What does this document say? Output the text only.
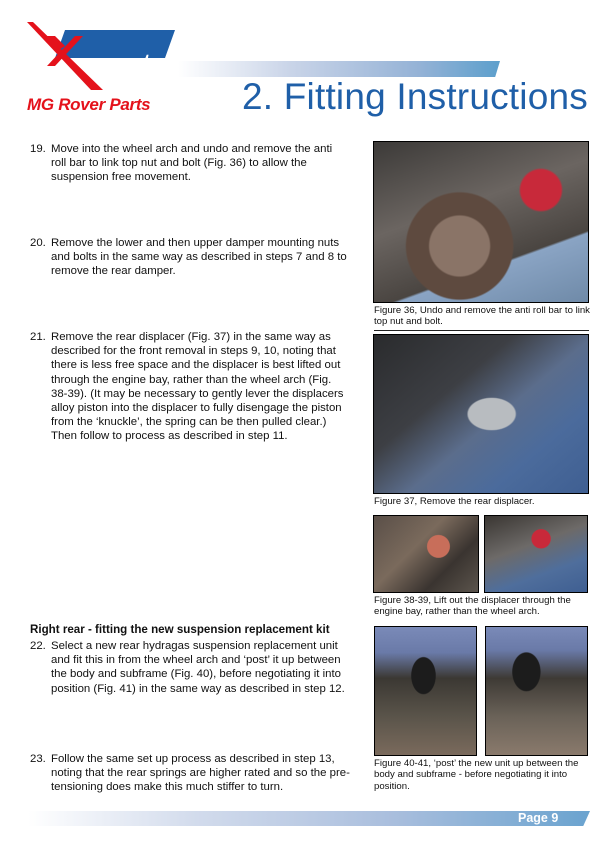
part
MG Rover Parts 2. Fitting Instructions
19. Move into the wheel arch and undo and remove the anti roll bar to link top nut and bolt (Fig. 36) to allow the suspension free movement.
20. Remove the lower and then upper damper mounting nuts and bolts in the same way as described in steps 7 and 8 to remove the rear damper.
21. Remove the rear displacer (Fig. 37) in the same way as described for the front removal in steps 9, 10, noting that there is less free space and the displacer is best lifted out through the engine bay, rather than the wheel arch (Fig. 38-39). (It may be necessary to gently lever the displacers alloy piston into the displacer to fully disengage the piston from the ‘knuckle’, the spring can be then pulled clear.) Then follow to process as described in step 11.
Right rear - fitting the new suspension replacement kit
22. Select a new rear hydragas suspension replacement unit and fit this in from the wheel arch and ‘post’ it up between the body and subframe (Fig. 40), before negotiating it into position (Fig. 41) in the same way as described in step 12.
23. Follow the same set up process as described in step 13, noting that the rear springs are higher rated and so the pre-tensioning does make this much stiffer to turn.
Figure 36, Undo and remove the anti roll bar to link top nut and bolt.
Figure 37, Remove the rear displacer.
Figure 38-39, Lift out the displacer through the engine bay, rather than the wheel arch.
Figure 40-41, ‘post’ the new unit up between the body and subframe - before negotiating it into position.
Page 9
